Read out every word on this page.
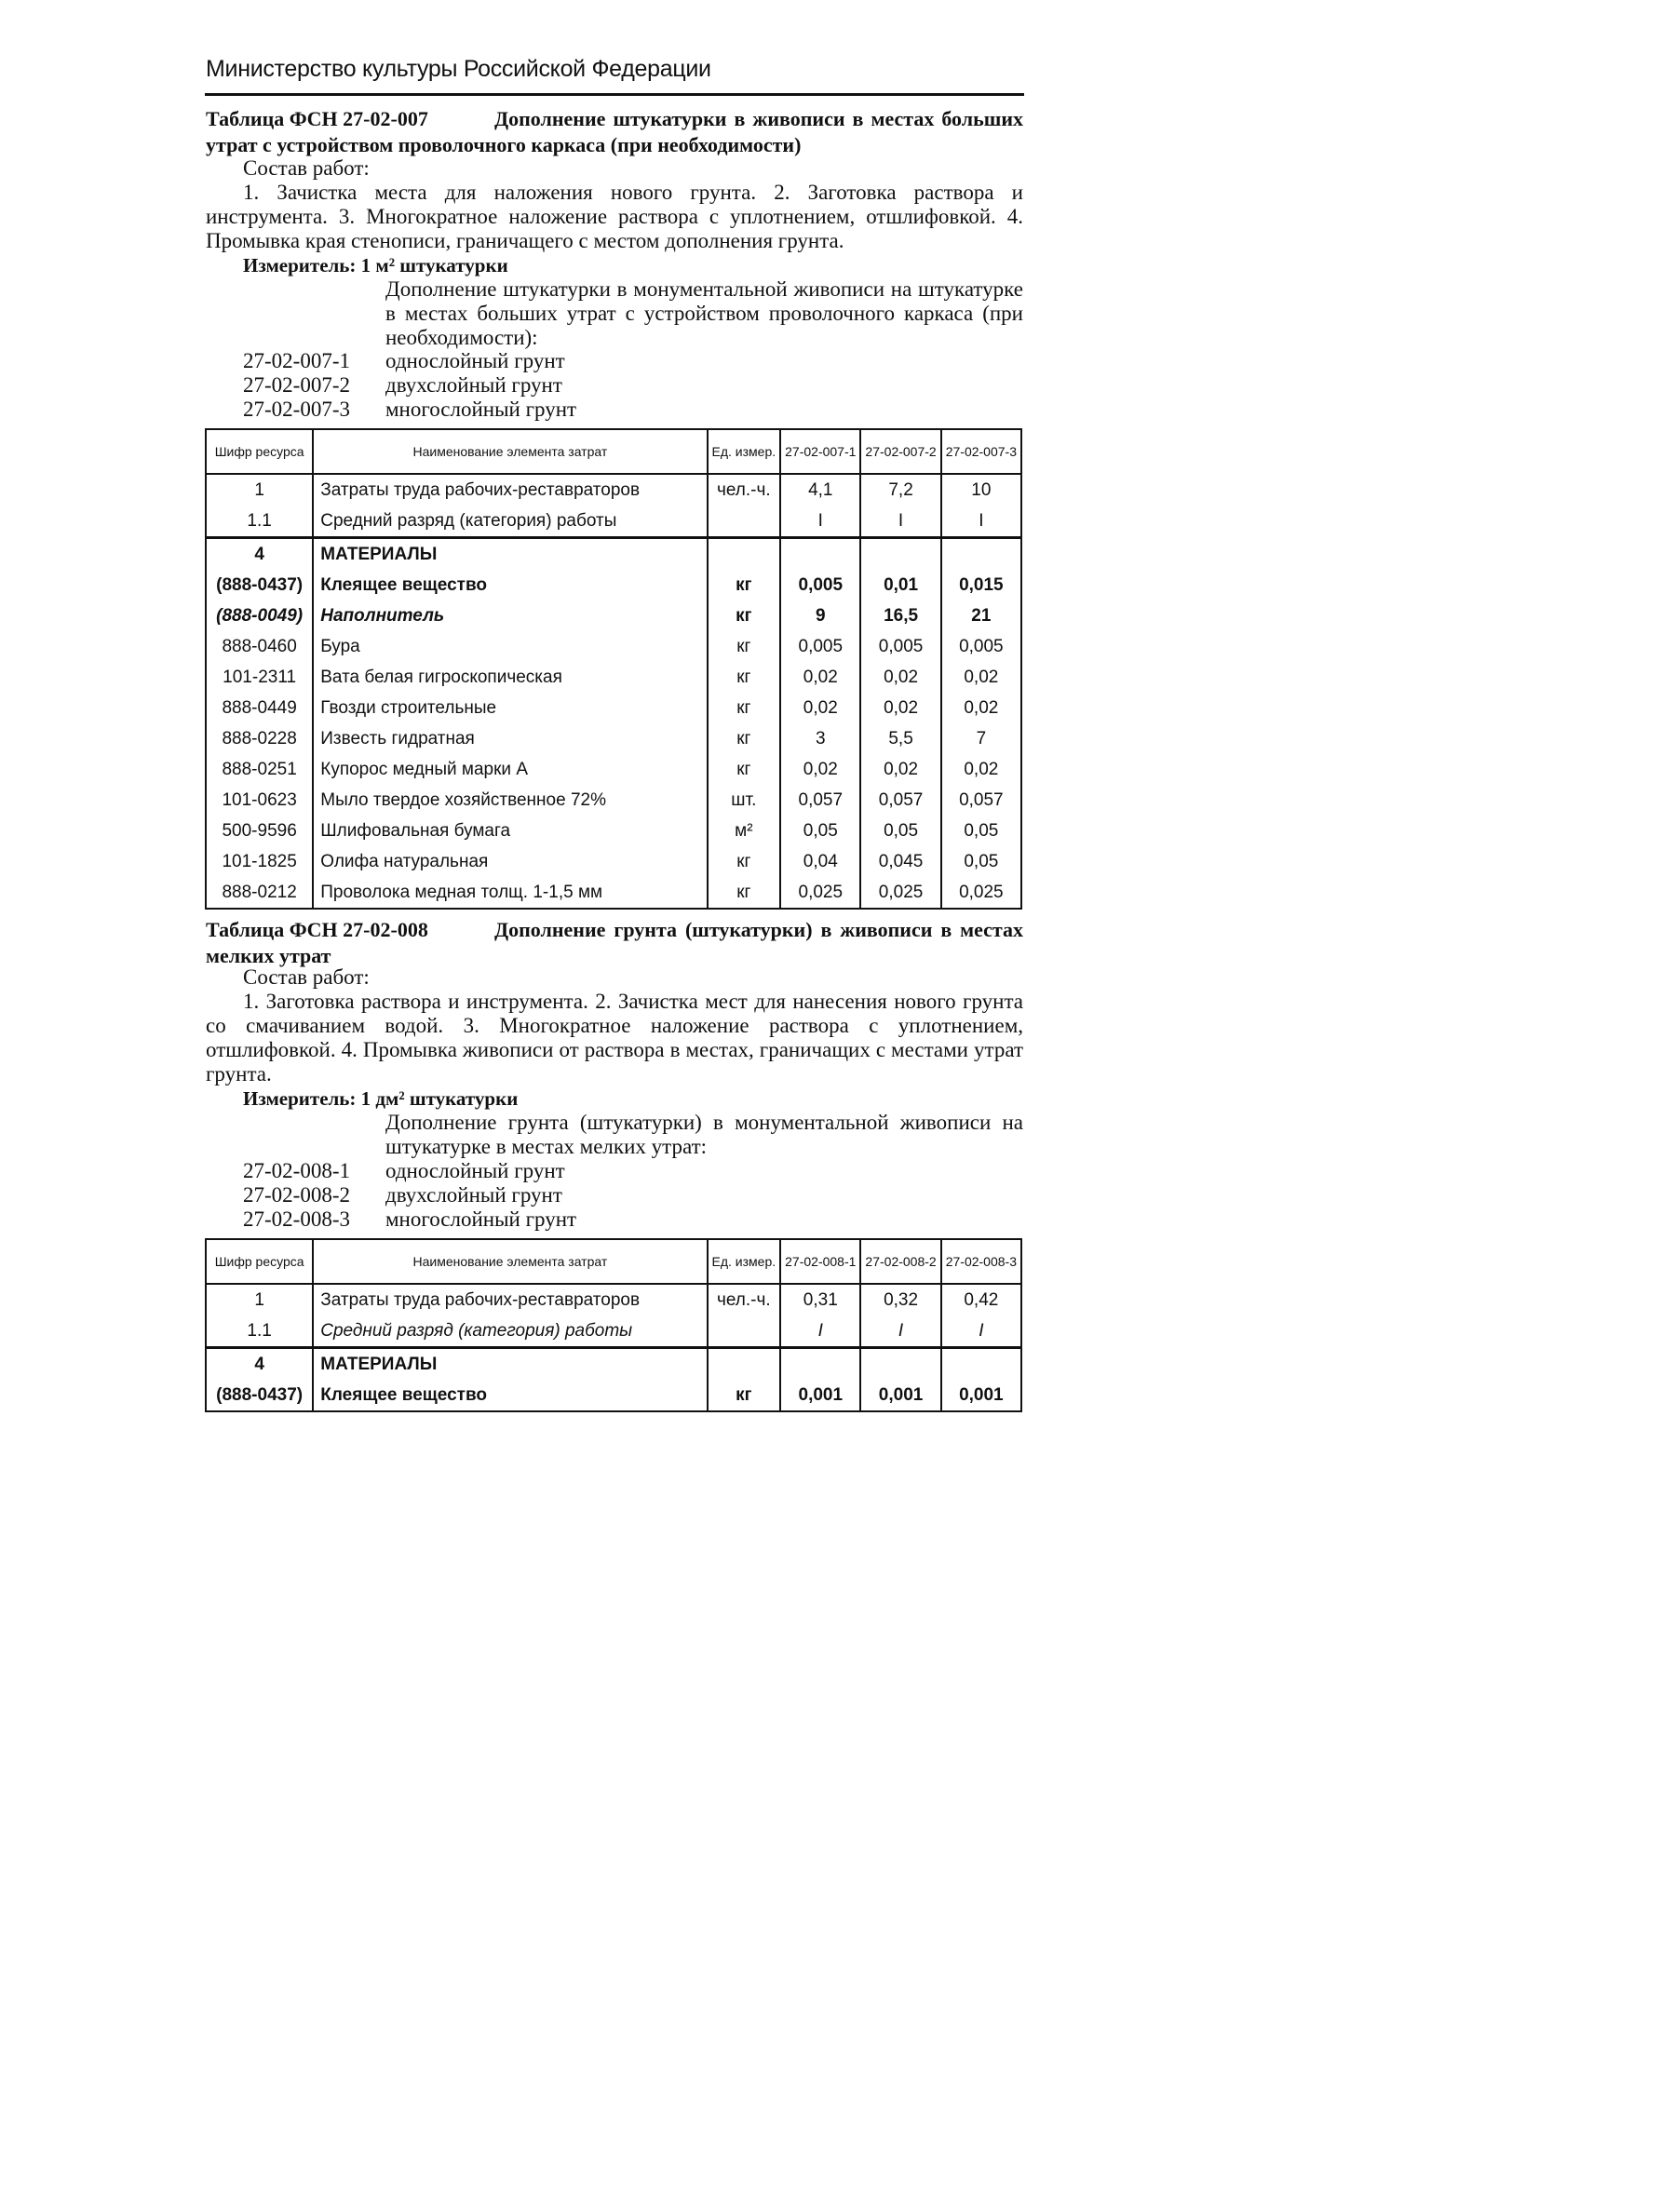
Министерство культуры Российской Федерации
Таблица ФСН 27-02-007	Дополнение штукатурки в живописи в местах больших утрат с устройством проволочного каркаса (при необходимости)
Состав работ:
1. Зачистка места для наложения нового грунта. 2. Заготовка раствора и инструмента. 3. Многократное наложение раствора с уплотнением, отшлифовкой. 4. Промывка края стенописи, граничащего с местом дополнения грунта.
Измеритель: 1 м² штукатурки
Дополнение штукатурки в монументальной живописи на штукатурке в местах больших утрат с устройством проволочного каркаса (при необходимости):
27-02-007-1 однослойный грунт
27-02-007-2 двухслойный грунт
27-02-007-3 многослойный грунт
Шифр ресурса	Наименование элемента затрат	Ед. измер.	27-02-007-1	27-02-007-2	27-02-007-3
1	Затраты труда рабочих-реставраторов	чел.-ч.	4,1	7,2	10
1.1	Средний разряд (категория) работы		I	I	I
4	МАТЕРИАЛЫ				
(888-0437)	Клеящее вещество	кг	0,005	0,01	0,015
(888-0049)	Наполнитель	кг	9	16,5	21
888-0460	Бура	кг	0,005	0,005	0,005
101-2311	Вата белая гигроскопическая	кг	0,02	0,02	0,02
888-0449	Гвозди строительные	кг	0,02	0,02	0,02
888-0228	Известь гидратная	кг	3	5,5	7
888-0251	Купорос медный марки А	кг	0,02	0,02	0,02
101-0623	Мыло твердое хозяйственное 72%	шт.	0,057	0,057	0,057
500-9596	Шлифовальная бумага	м²	0,05	0,05	0,05
101-1825	Олифа натуральная	кг	0,04	0,045	0,05
888-0212	Проволока медная толщ. 1-1,5 мм	кг	0,025	0,025	0,025
Таблица ФСН 27-02-008	Дополнение грунта (штукатурки) в живописи в местах мелких утрат
Состав работ:
1. Заготовка раствора и инструмента. 2. Зачистка мест для нанесения нового грунта со смачиванием водой. 3. Многократное наложение раствора с уплотнением, отшлифовкой. 4. Промывка живописи от раствора в местах, граничащих с местами утрат грунта.
Измеритель: 1 дм² штукатурки
Дополнение грунта (штукатурки) в монументальной живописи на штукатурке в местах мелких утрат:
27-02-008-1 однослойный грунт
27-02-008-2 двухслойный грунт
27-02-008-3 многослойный грунт
Шифр ресурса	Наименование элемента затрат	Ед. измер.	27-02-008-1	27-02-008-2	27-02-008-3
1	Затраты труда рабочих-реставраторов	чел.-ч.	0,31	0,32	0,42
1.1	Средний разряд (категория) работы		I	I	I
4	МАТЕРИАЛЫ				
(888-0437)	Клеящее вещество	кг	0,001	0,001	0,001
